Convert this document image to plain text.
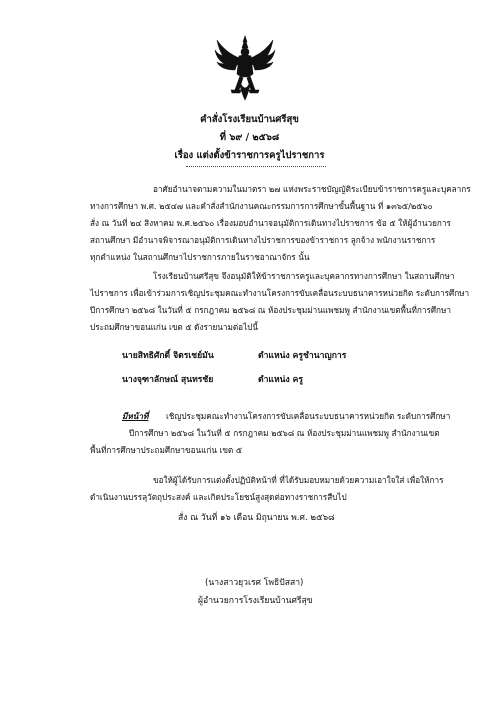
คำสั่งโรงเรียนบ้านศรีสุข
ที่ ๖๙ / ๒๕๖๘
เรื่อง แต่งตั้งข้าราชการครูไปราชการ
อาศัยอำนาจตามความในมาตรา ๒๗ แห่งพระราชบัญญัติระเบียบข้าราชการครูและบุคลากร
ทางการศึกษา พ.ศ. ๒๕๔๗ และคำสั่งสำนักงานคณะกรรมการการศึกษาขั้นพื้นฐาน ที่ ๑๓๖๕/๒๕๖๐
สั่ง ณ วันที่ ๒๔ สิงหาคม พ.ศ.๒๕๖๐ เรื่องมอบอำนาจอนุมัติการเดินทางไปราชการ ข้อ ๕ ให้ผู้อำนวยการ
สถานศึกษา มีอำนาจพิจารณาอนุมัติการเดินทางไปราชการของข้าราชการ ลูกจ้าง พนักงานราชการ
ทุกตำแหน่ง ในสถานศึกษาไปราชการภายในราชอาณาจักร นั้น
โรงเรียนบ้านศรีสุข จึงอนุมัติให้ข้าราชการครูและบุคลากรทางการศึกษา ในสถานศึกษา
ไปราชการ เพื่อเข้าร่วมการเชิญประชุมคณะทำงานโครงการขับเคลื่อนระบบธนาคารหน่วยกิต ระดับการศึกษา
ปีการศึกษา ๒๕๖๘ ในวันที่ ๕ กรกฎาคม ๒๕๖๘ ณ ห้องประชุมม่านแพชมพู สำนักงานเขตพื้นที่การศึกษา
ประถมศึกษาขอนแก่น เขต ๕ ดังรายนามต่อไปนี้
นายสิทธิศักดิ์ จิตรเชย์มัน	ตำแหน่ง ครูชำนาญการ
นางจุฑาลักษณ์ สุนทรชัย	ตำแหน่ง ครู
มีหน้าที่ เชิญประชุมคณะทำงานโครงการขับเคลื่อนระบบธนาคารหน่วยกิต ระดับการศึกษา
ปีการศึกษา ๒๕๖๘ ในวันที่ ๕ กรกฎาคม ๒๕๖๘ ณ ห้องประชุมม่านแพชมพู สำนักงานเขต
พื้นที่การศึกษาประถมศึกษาขอนแก่น เขต ๕
ขอให้ผู้ได้รับการแต่งตั้งปฏิบัติหน้าที่ ที่ได้รับมอบหมายด้วยความเอาใจใส่ เพื่อให้การ
ดำเนินงานบรรลุวัตถุประสงค์ และเกิดประโยชน์สูงสุดต่อทางราชการสืบไป
สั่ง ณ วันที่ ๑๖ เดือน มิถุนายน พ.ศ. ๒๕๖๘
(นางสาวยุวเรศ โพธิปัสสา)
ผู้อำนวยการโรงเรียนบ้านศรีสุข
